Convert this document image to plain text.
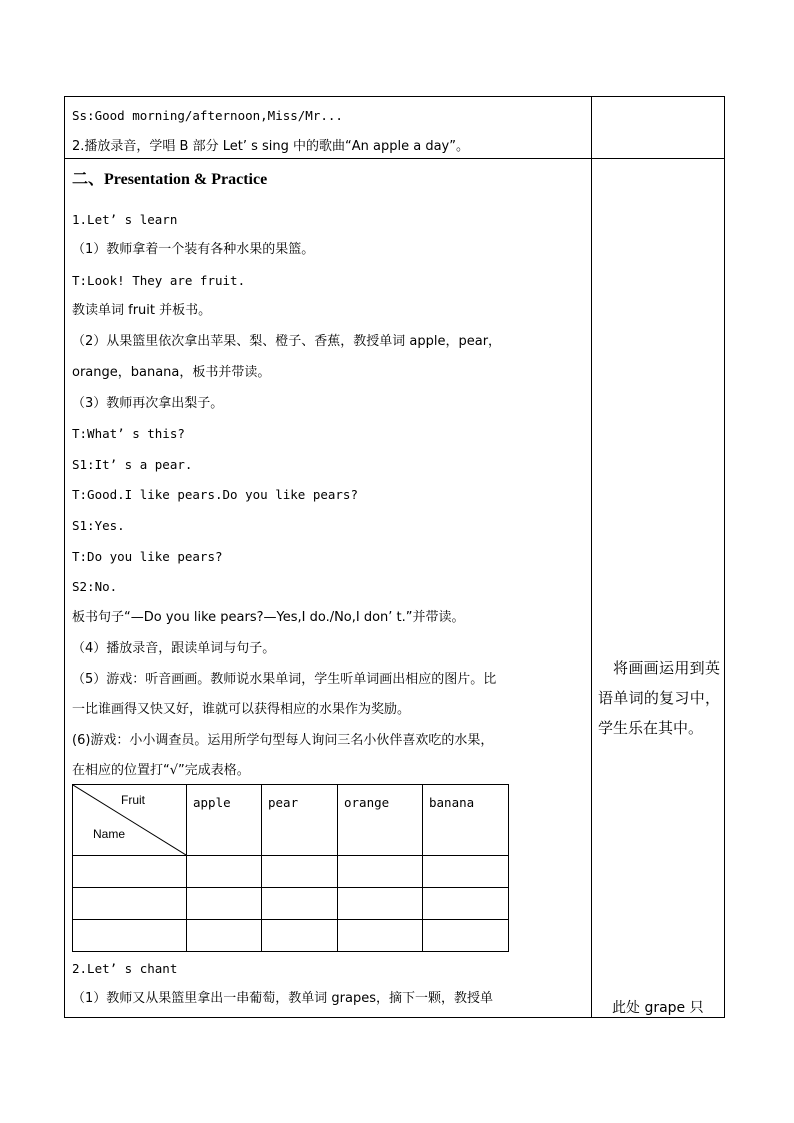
Ss:Good morning/afternoon,Miss/Mr...
2.播放录音，学唱 B 部分 Let’ s sing 中的歌曲“An apple a day”。
二、Presentation & Practice
1.Let’ s learn
（1）教师拿着一个装有各种水果的果篮。
T:Look! They are fruit.
教读单词 fruit 并板书。
（2）从果篮里依次拿出苹果、梨、橙子、香蕉，教授单词 apple，pear，
orange，banana，板书并带读。
（3）教师再次拿出梨子。
T:What’ s this?
S1:It’ s a pear.
T:Good.I like pears.Do you like pears?
S1:Yes.
T:Do you like pears?
S2:No.
板书句子“—Do you like pears?—Yes,I do./No,I don’ t.”并带读。
（4）播放录音，跟读单词与句子。
（5）游戏：听音画画。教师说水果单词，学生听单词画出相应的图片。比
一比谁画得又快又好，谁就可以获得相应的水果作为奖励。
(6)游戏：小小调查员。运用所学句型每人询问三名小伙伴喜欢吃的水果，
在相应的位置打“√”完成表格。
Fruit
Name	apple	pear	orange	banana

2.Let’ s chant
（1）教师又从果篮里拿出一串葡萄，教单词 grapes，摘下一颗，教授单
将画画运用到英语单词的复习中，学生乐在其中。
此处 grape 只
